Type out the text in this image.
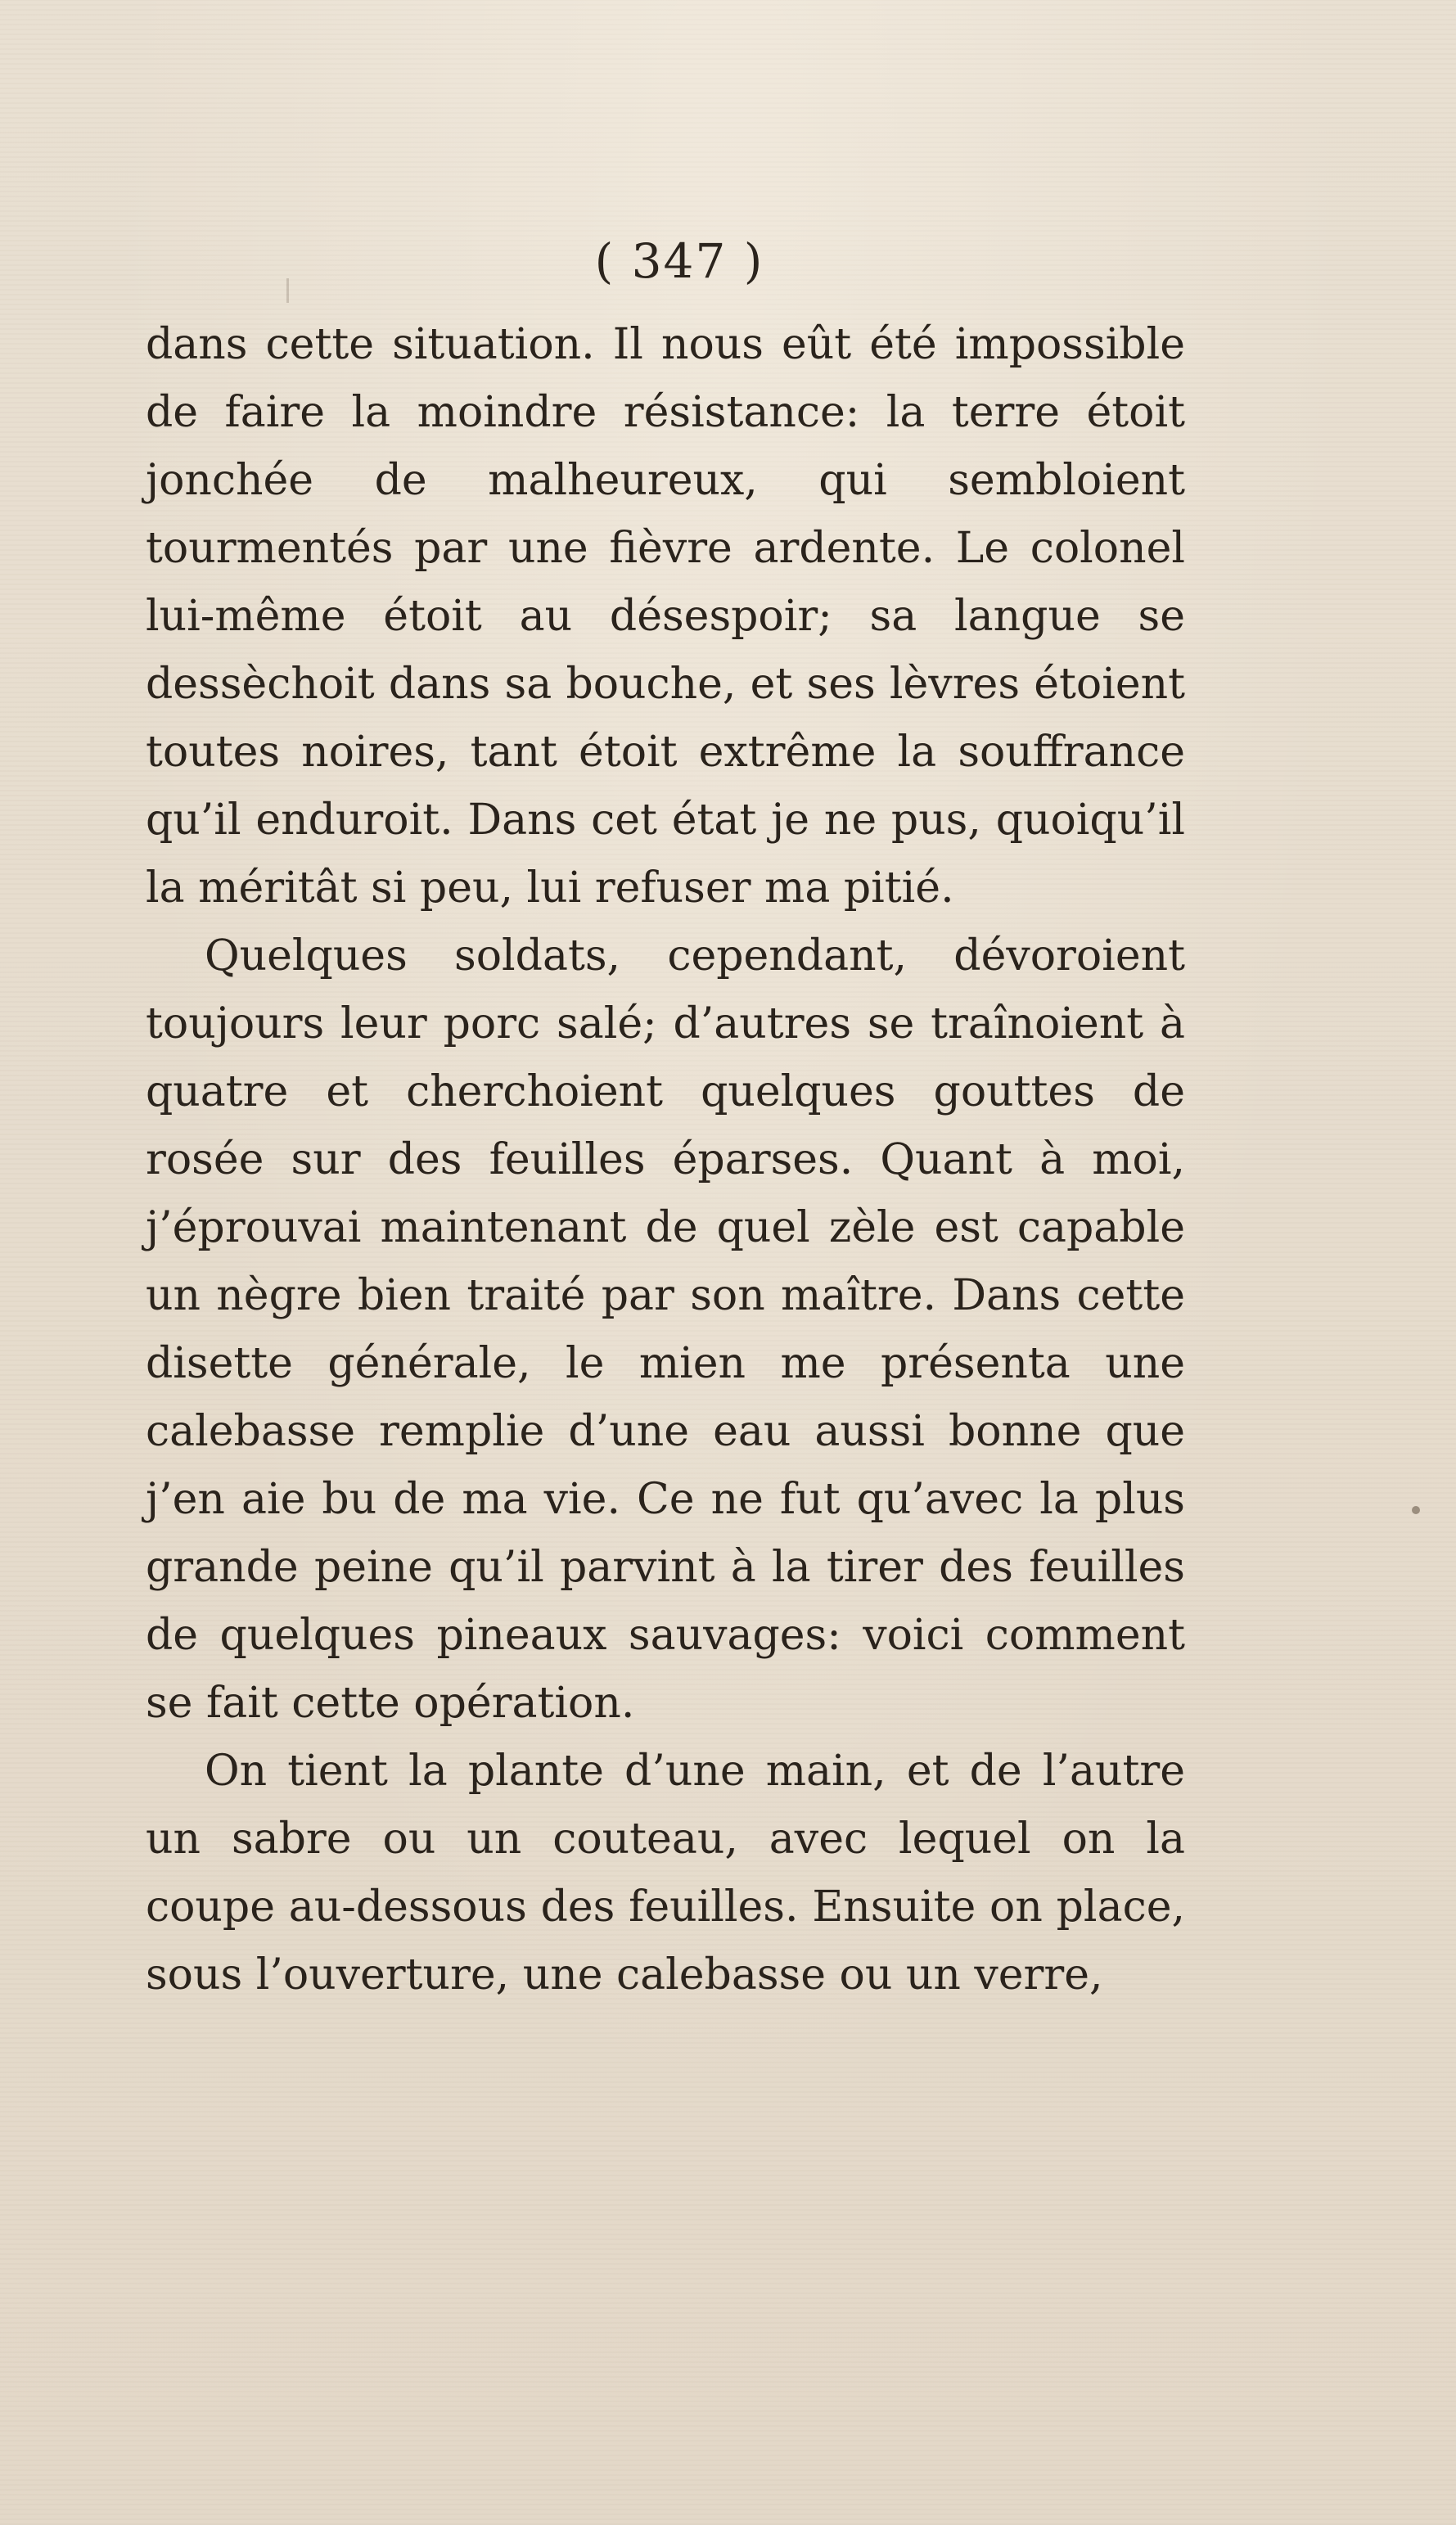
( 347 )

dans cette situation. Il nous eût été impossible de faire la moindre résistance: la terre étoit jonchée de malheureux, qui sembloient tourmentés par une fièvre ardente. Le colonel lui-même étoit au désespoir; sa langue se dessèchoit dans sa bouche, et ses lèvres étoient toutes noires, tant étoit extrême la souffrance qu’il enduroit. Dans cet état je ne pus, quoiqu’il la méritât si peu, lui refuser ma pitié.

Quelques soldats, cependant, dévoroient toujours leur porc salé; d’autres se traînoient à quatre et cherchoient quelques gouttes de rosée sur des feuilles éparses. Quant à moi, j’éprouvai maintenant de quel zèle est capable un nègre bien traité par son maître. Dans cette disette générale, le mien me présenta une calebasse remplie d’une eau aussi bonne que j’en aie bu de ma vie. Ce ne fut qu’avec la plus grande peine qu’il parvint à la tirer des feuilles de quelques pineaux sauvages: voici comment se fait cette opération.

On tient la plante d’une main, et de l’autre un sabre ou un couteau, avec lequel on la coupe au-dessous des feuilles. Ensuite on place, sous l’ouverture, une calebasse ou un verre,
